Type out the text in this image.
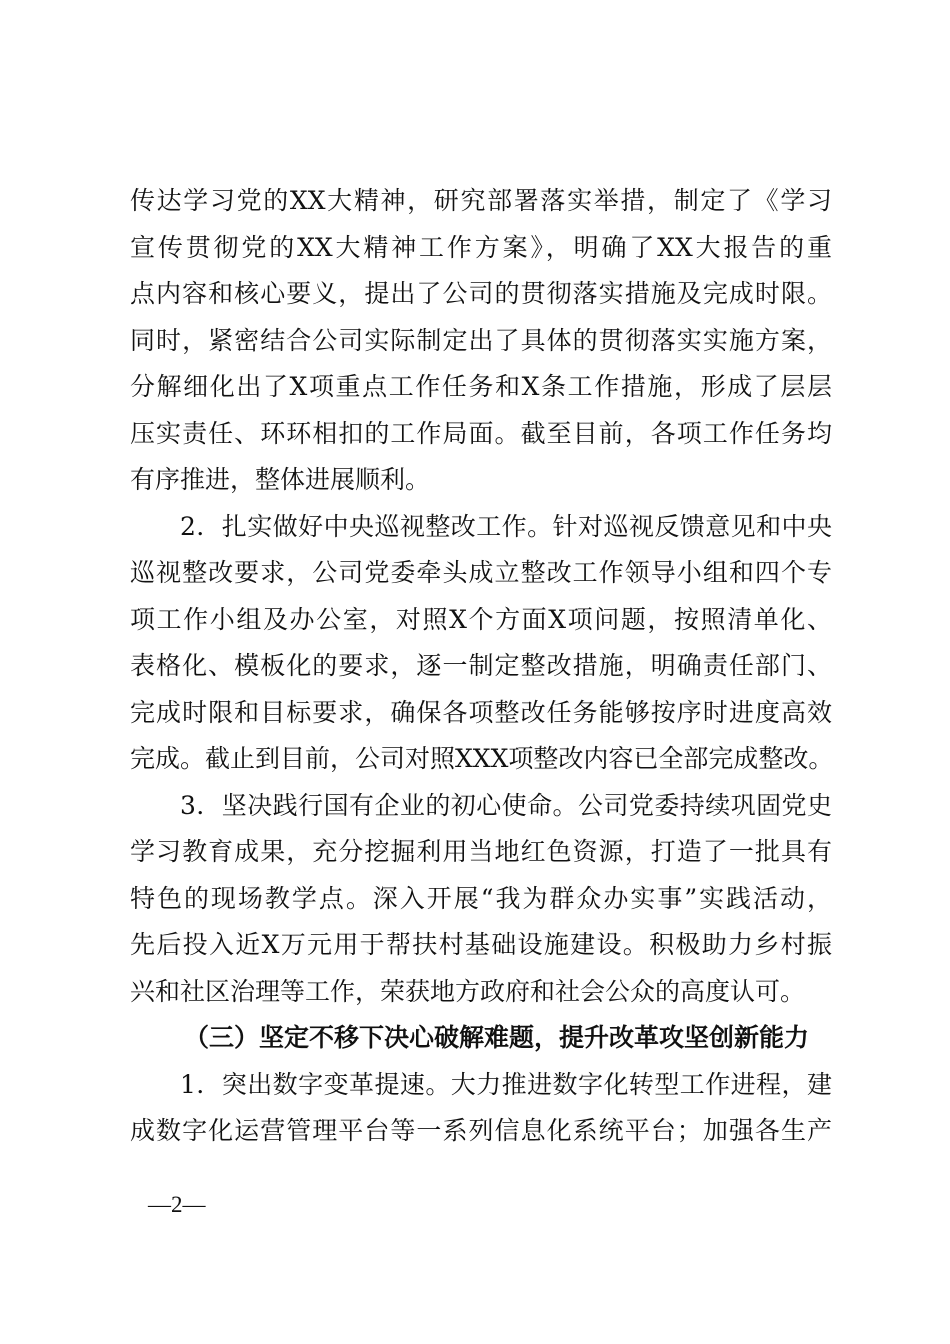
传达学习党的XX大精神，研究部署落实举措，制定了《学习
宣传贯彻党的XX大精神工作方案》，明确了XX大报告的重
点内容和核心要义，提出了公司的贯彻落实措施及完成时限。
同时，紧密结合公司实际制定出了具体的贯彻落实实施方案，
分解细化出了X项重点工作任务和X条工作措施，形成了层层
压实责任、环环相扣的工作局面。截至目前，各项工作任务均
有序推进，整体进展顺利。
2．扎实做好中央巡视整改工作。针对巡视反馈意见和中央
巡视整改要求，公司党委牵头成立整改工作领导小组和四个专
项工作小组及办公室，对照X个方面X项问题，按照清单化、
表格化、模板化的要求，逐一制定整改措施，明确责任部门、
完成时限和目标要求，确保各项整改任务能够按序时进度高效
完成。截止到目前，公司对照XXX项整改内容已全部完成整改。
3．坚决践行国有企业的初心使命。公司党委持续巩固党史
学习教育成果，充分挖掘利用当地红色资源，打造了一批具有
特色的现场教学点。深入开展“我为群众办实事”实践活动，
先后投入近X万元用于帮扶村基础设施建设。积极助力乡村振
兴和社区治理等工作，荣获地方政府和社会公众的高度认可。
（三）坚定不移下决心破解难题，提升改革攻坚创新能力
1．突出数字变革提速。大力推进数字化转型工作进程，建
成数字化运营管理平台等一系列信息化系统平台；加强各生产
—2—
